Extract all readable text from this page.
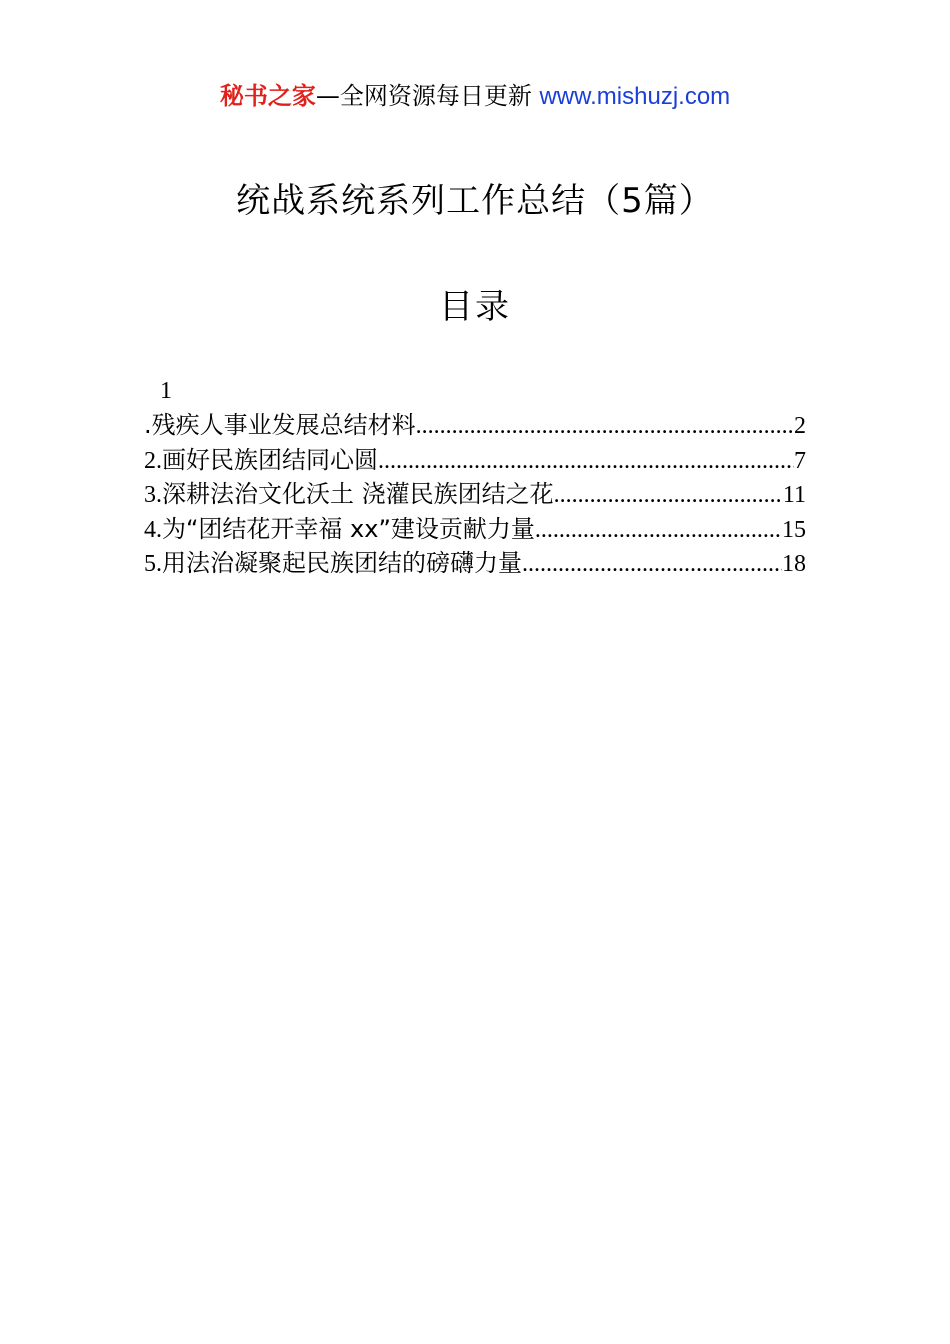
秘书之家—全网资源每日更新 www.mishuzj.com
统战系统系列工作总结（5篇）
目录
1
.残疾人事业发展总结材料 .....	2
2.画好民族团结同心圆 .....	7
3.深耕法治文化沃土 浇灌民族团结之花 .....	11
4.为“团结花开幸福 xx”建设贡献力量 .....	15
5.用法治凝聚起民族团结的磅礴力量 .....	18
